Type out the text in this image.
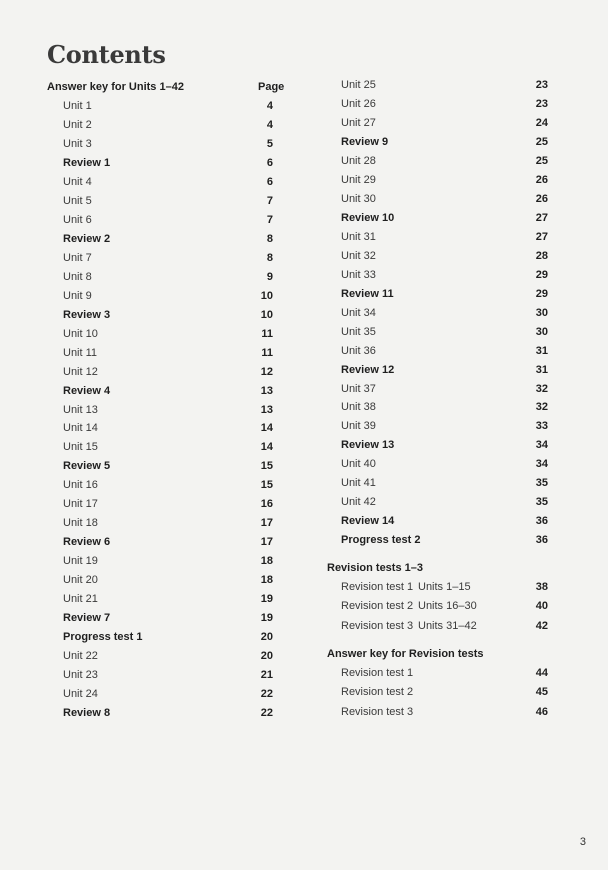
Contents
Answer key for Units 1–42	Page
Unit 1	4
Unit 2	4
Unit 3	5
Review 1	6
Unit 4	6
Unit 5	7
Unit 6	7
Review 2	8
Unit 7	8
Unit 8	9
Unit 9	10
Review 3	10
Unit 10	11
Unit 11	11
Unit 12	12
Review 4	13
Unit 13	13
Unit 14	14
Unit 15	14
Review 5	15
Unit 16	15
Unit 17	16
Unit 18	17
Review 6	17
Unit 19	18
Unit 20	18
Unit 21	19
Review 7	19
Progress test 1	20
Unit 22	20
Unit 23	21
Unit 24	22
Review 8	22
Unit 25	23
Unit 26	23
Unit 27	24
Review 9	25
Unit 28	25
Unit 29	26
Unit 30	26
Review 10	27
Unit 31	27
Unit 32	28
Unit 33	29
Review 11	29
Unit 34	30
Unit 35	30
Unit 36	31
Review 12	31
Unit 37	32
Unit 38	32
Unit 39	33
Review 13	34
Unit 40	34
Unit 41	35
Unit 42	35
Review 14	36
Progress test 2	36
Revision tests 1–3
Revision test 1 Units 1–15	38
Revision test 2 Units 16–30	40
Revision test 3 Units 31–42	42
Answer key for Revision tests
Revision test 1	44
Revision test 2	45
Revision test 3	46
3
